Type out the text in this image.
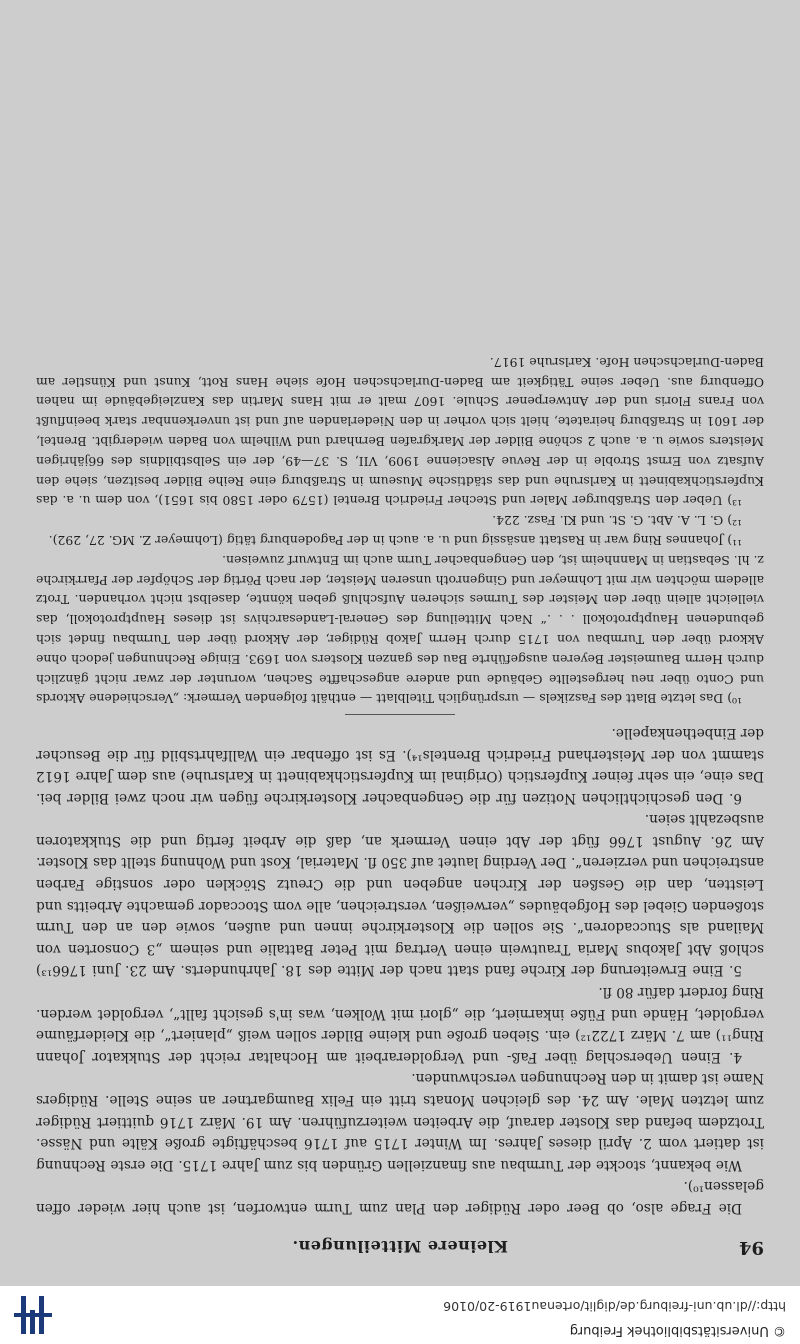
94
Kleinere Mitteilungen.

Die Frage also, ob Beer oder Rüdiger den Plan zum Turm entworfen, ist auch hier wieder offen gelassen¹⁰).

Wie bekannt, stockte der Turmbau aus finanziellen Gründen bis zum Jahre 1715. Die erste Rechnung ist datiert vom 2. April dieses Jahres. Im Winter 1715 auf 1716 beschäftigte große Kälte und Nässe. Trotzdem befand das Kloster darauf, die Arbeiten weiterzuführen. Am 19. März 1716 quittiert Rüdiger zum letzten Male. Am 24. des gleichen Monats tritt ein Felix Baumgartner an seine Stelle. Rüdigers Name ist damit in den Rechnungen verschwunden.

4. Einen Ueberschlag über Faß- und Vergolderarbeit am Hochaltar reicht der Stukkator Johann Ring¹¹) am 7. März 1722¹²) ein. Sieben große und kleine Bilder sollen weiß „planiert“, die Kleiderfäume vergoldet, Hände und Füße inkarniert, die „glori mit Wolken, was in's gesicht fallt“, vergoldet werden. Ring fordert dafür 80 fl.

5. Eine Erweiterung der Kirche fand statt nach der Mitte des 18. Jahrhunderts. Am 23. Juni 1766¹³) schloß Abt Jakobus Maria Trautwein einen Vertrag mit Peter Battalie und seinem „3 Consorten von Mailand als Stuccadoren“. Sie sollen die Klosterkirche innen und außen, sowie den an den Turm stoßenden Giebel des Hofgebäudes „verweißen, verstreichen, alle vom Stoccador gemachte Arbeitts und Leistten, dan die Gesßen der Kirchen angeben und die Creutz Stöcklen oder sonstige Farben anstreichen und verzieren“. Der Verding lautet auf 350 fl. Material, Kost und Wohnung stellt das Kloster. Am 26. August 1766 fügt der Abt einen Vermerk an, daß die Arbeit fertig und die Stukkatoren ausbezahlt seien.

6. Den geschichtlichen Notizen für die Gengenbacher Klosterkirche fügen wir noch zwei Bilder bei. Das eine, ein sehr feiner Kupferstich (Original im Kupferstichkabinett in Karlsruhe) aus dem Jahre 1612 stammt von der Meisterhand Friedrich Brentels¹⁴). Es ist offenbar ein Wallfahrtsbild für die Besucher der Einbethenkapelle.

¹⁰) Das letzte Blatt des Faszikels — ursprünglich Titelblatt — enthält folgenden Vermerk: „Verschiedene Aktords und Conto über neu hergestellte Gebäude und andere angeschaffte Sachen, worunter der zwar nicht gänzlich durch Herrn Baumeister Beyeren ausgeführte Bau des ganzen Klosters von 1693. Einige Rechnungen jedoch ohne Akkord über den Turmbau von 1715 durch Herrn Jakob Rüdiger, der Akkord über den Turmbau findet sich gebundenen Hauptprotokoll . . .“ Nach Mitteilung des General-Landesarchivs ist dieses Hauptprotokoll, das vielleicht allein über den Meister des Turmes sicheren Aufschluß geben könnte, daselbst nicht vorhanden. Trotz alledem möchten wir mit Lohmeyer und Gingenroth unseren Meister, der nach Pörtig der Schöpfer der Pfarrkirche z. hl. Sebastian in Mannheim ist, den Gengenbacher Turm auch im Entwurf zuweisen.

¹¹) Johannes Ring war in Rastatt ansässig und u. a. auch in der Pagodenburg tätig (Lohmeyer Z. MG. 27, 292).

¹²) G. L. A. Abt. G. St. und Kl. Fasz. 224.

¹³) Ueber den Straßburger Maler und Stecher Friedrich Brentel (1579 oder 1580 bis 1651), von dem u. a. das Kupferstichkabinett in Karlsruhe und das städtische Museum in Straßburg eine Reihe Bilder besitzen, siehe den Aufsatz von Ernst Stroble in der Revue Alsacienne 1909, VII, S. 37—49, der ein Selbstbildnis des 66jährigen Meisters sowie u. a. auch 2 schöne Bilder der Markgrafen Bernhard und Wilhelm von Baden wiedergibt. Brentel, der 1601 in Straßburg heiratete, hielt sich vorher in den Niederlanden auf und ist unverkennbar stark beeinflußt von Frans Floris und der Antwerpener Schule. 1607 malt er mit Hans Martin das Kanzleigebäude im nahen Offenburg aus. Ueber seine Tätigkeit am Baden-Durlachschen Hofe siehe Hans Rott, Kunst und Künstler am Baden-Durlachschen Hofe. Karlsruhe 1917.

© Universitätsbibliothek Freiburg
http://dl.ub.uni-freiburg.de/diglit/ortenau1919-20/0106
